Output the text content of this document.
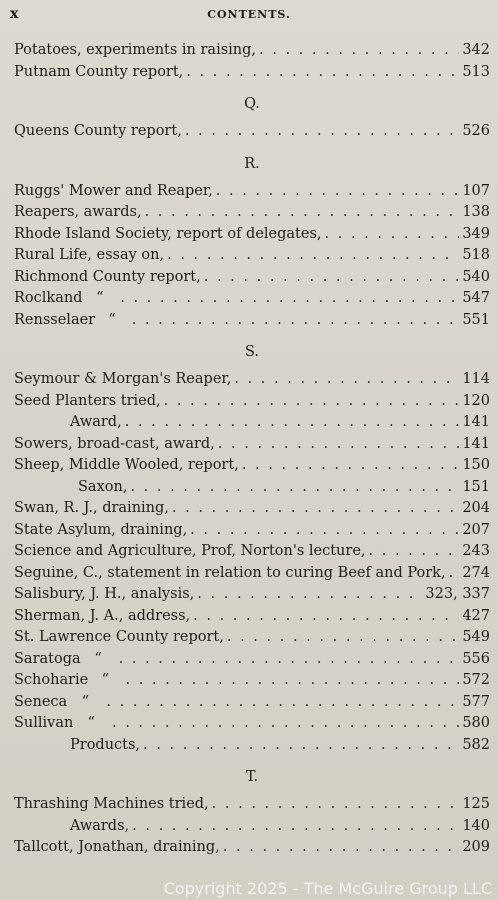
x	CONTENTS.
Potatoes, experiments in raising, . . .	342
Putnam County report, . . .	513
Q.
Queens County report, . . .	526
R.
Ruggs' Mower and Reaper, . . .	107
Reapers, awards, . . .	138
Rhode Island Society, report of delegates, . . .	349
Rural Life, essay on, . . .	518
Richmond County report, . . .	540
Roclkand “ . . .	547
Rensselaer “ . . .	551
S.
Seymour & Morgan's Reaper, . . .	114
Seed Planters tried, . . .	120
Award, . . .	141
Sowers, broad-cast, award, . . .	141
Sheep, Middle Wooled, report, . . .	150
Saxon, . . .	151
Swan, R. J., draining, . . .	204
State Asylum, draining, . . .	207
Science and Agriculture, Prof, Norton's lecture, . . .	243
Seguine, C., statement in relation to curing Beef and Pork, . . . 274
Salisbury, J. H., analysis, . . .	323, 337
Sherman, J. A., address, . . .	427
St. Lawrence County report, . . .	549
Saratoga “ . . .	556
Schoharie “ . . .	572
Seneca “ . . .	577
Sullivan “ . . .	580
Products, . . .	582
T.
Thrashing Machines tried, . . .	125
Awards, . . .	140
Tallcott, Jonathan, draining, . . .	209
Copyright 2025 - The McGuire Group LLC
